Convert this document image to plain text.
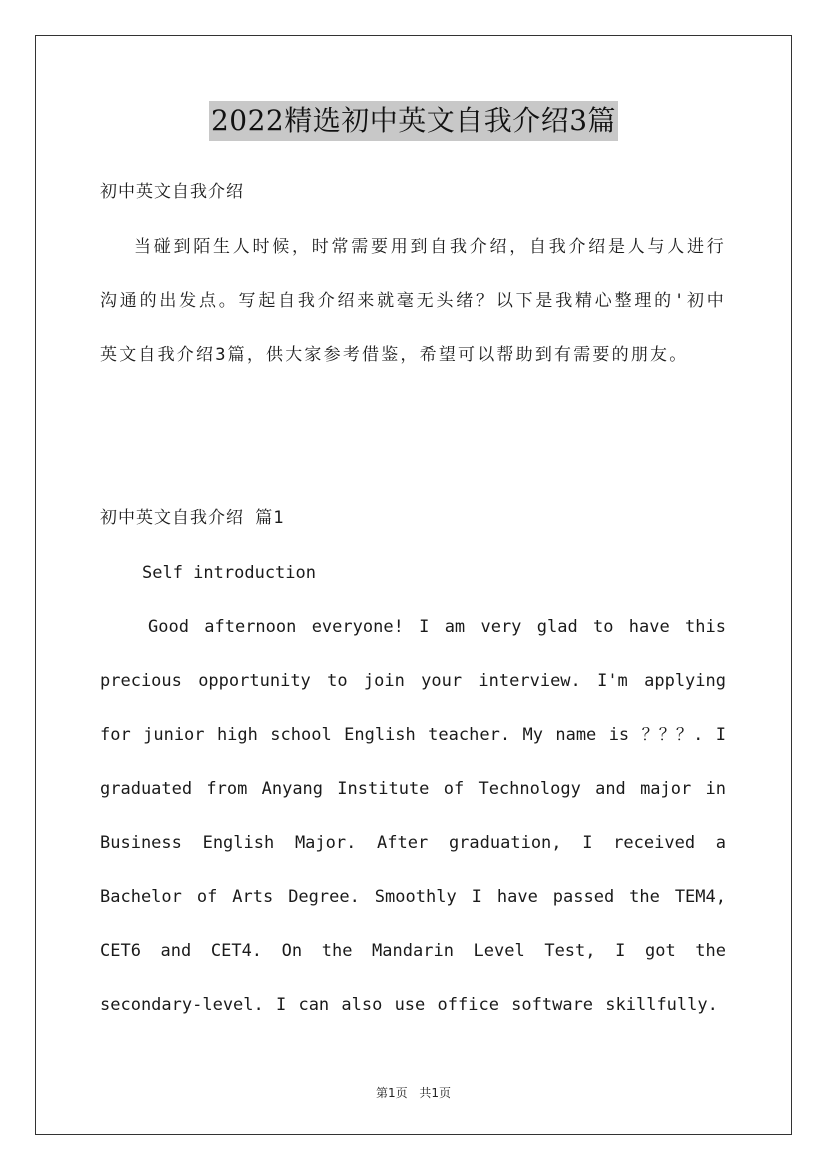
2022精选初中英文自我介绍3篇
初中英文自我介绍
当碰到陌生人时候，时常需要用到自我介绍，自我介绍是人与人进行沟通的出发点。写起自我介绍来就毫无头绪？以下是我精心整理的'初中英文自我介绍3篇，供大家参考借鉴，希望可以帮助到有需要的朋友。
初中英文自我介绍 篇1
Self introduction
Good afternoon everyone! I am very glad to have this precious opportunity to join your interview. I'm applying for junior high school English teacher. My name is ？？？. I graduated from Anyang Institute of Technology and major in Business English Major. After graduation, I received a Bachelor of Arts Degree. Smoothly I have passed the TEM4, CET6 and CET4. On the Mandarin Level Test, I got the secondary-level. I can also use office software skillfully.
第1页 共1页
